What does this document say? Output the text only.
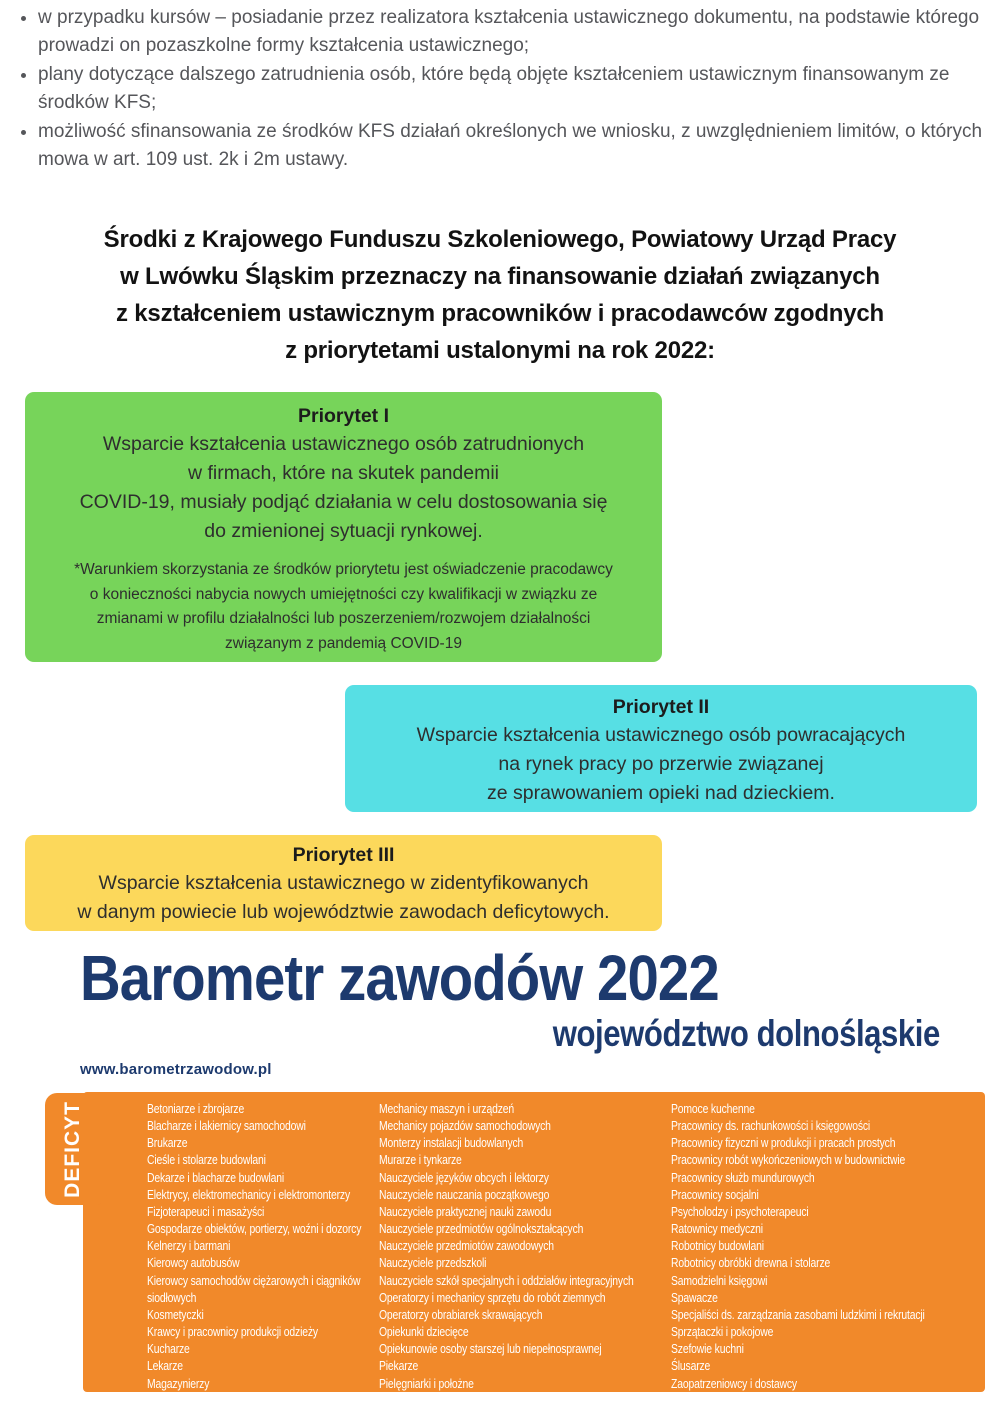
• w przypadku kursów – posiadanie przez realizatora kształcenia ustawicznego dokumentu, na podstawie którego prowadzi on pozaszkolne formy kształcenia ustawicznego;
• plany dotyczące dalszego zatrudnienia osób, które będą objęte kształceniem ustawicznym finansowanym ze środków KFS;
• możliwość sfinansowania ze środków KFS działań określonych we wniosku, z uwzględnieniem limitów, o których mowa w art. 109 ust. 2k i 2m ustawy.
Środki z Krajowego Funduszu Szkoleniowego, Powiatowy Urząd Pracy
w Lwówku Śląskim przeznaczy na finansowanie działań związanych
z kształceniem ustawicznym pracowników i pracodawców zgodnych
z priorytetami ustalonymi na rok 2022:
Priorytet I
Wsparcie kształcenia ustawicznego osób zatrudnionych
w firmach, które na skutek pandemii
COVID-19, musiały podjąć działania w celu dostosowania się
do zmienionej sytuacji rynkowej.
*Warunkiem skorzystania ze środków priorytetu jest oświadczenie pracodawcy
o konieczności nabycia nowych umiejętności czy kwalifikacji w związku ze
zmianami w profilu działalności lub poszerzeniem/rozwojem działalności
związanym z pandemią COVID-19
Priorytet II
Wsparcie kształcenia ustawicznego osób powracających
na rynek pracy po przerwie związanej
ze sprawowaniem opieki nad dzieckiem.
Priorytet III
Wsparcie kształcenia ustawicznego w zidentyfikowanych
w danym powiecie lub województwie zawodach deficytowych.
Barometr zawodów 2022
województwo dolnośląskie
www.barometrzawodow.pl
DEFICYT	Betoniarze i zbrojarze
Blacharze i lakiernicy samochodowi
Brukarze
Cieśle i stolarze budowlani
Dekarze i blacharze budowlani
Elektrycy, elektromechanicy i elektromonterzy
Fizjoterapeuci i masażyści
Gospodarze obiektów, portierzy, woźni i dozorcy
Kelnerzy i barmani
Kierowcy autobusów
Kierowcy samochodów ciężarowych i ciągników
siodłowych
Kosmetyczki
Krawcy i pracownicy produkcji odzieży
Kucharze
Lekarze
Magazynierzy
Mechanicy maszyn i urządzeń
Mechanicy pojazdów samochodowych
Monterzy instalacji budowlanych
Murarze i tynkarze
Nauczyciele języków obcych i lektorzy
Nauczyciele nauczania początkowego
Nauczyciele praktycznej nauki zawodu
Nauczyciele przedmiotów ogólnokształcących
Nauczyciele przedmiotów zawodowych
Nauczyciele przedszkoli
Nauczyciele szkół specjalnych i oddziałów integracyjnych
Operatorzy i mechanicy sprzętu do robót ziemnych
Operatorzy obrabiarek skrawających
Opiekunki dziecięce
Opiekunowie osoby starszej lub niepełnosprawnej
Piekarze
Pielęgniarki i położne
Pomoce kuchenne
Pracownicy ds. rachunkowości i księgowości
Pracownicy fizyczni w produkcji i pracach prostych
Pracownicy robót wykończeniowych w budownictwie
Pracownicy służb mundurowych
Pracownicy socjalni
Psycholodzy i psychoterapeuci
Ratownicy medyczni
Robotnicy budowlani
Robotnicy obróbki drewna i stolarze
Samodzielni księgowi
Spawacze
Specjaliści ds. zarządzania zasobami ludzkimi i rekrutacji
Sprzątaczki i pokojowe
Szefowie kuchni
Ślusarze
Zaopatrzeniowcy i dostawcy
